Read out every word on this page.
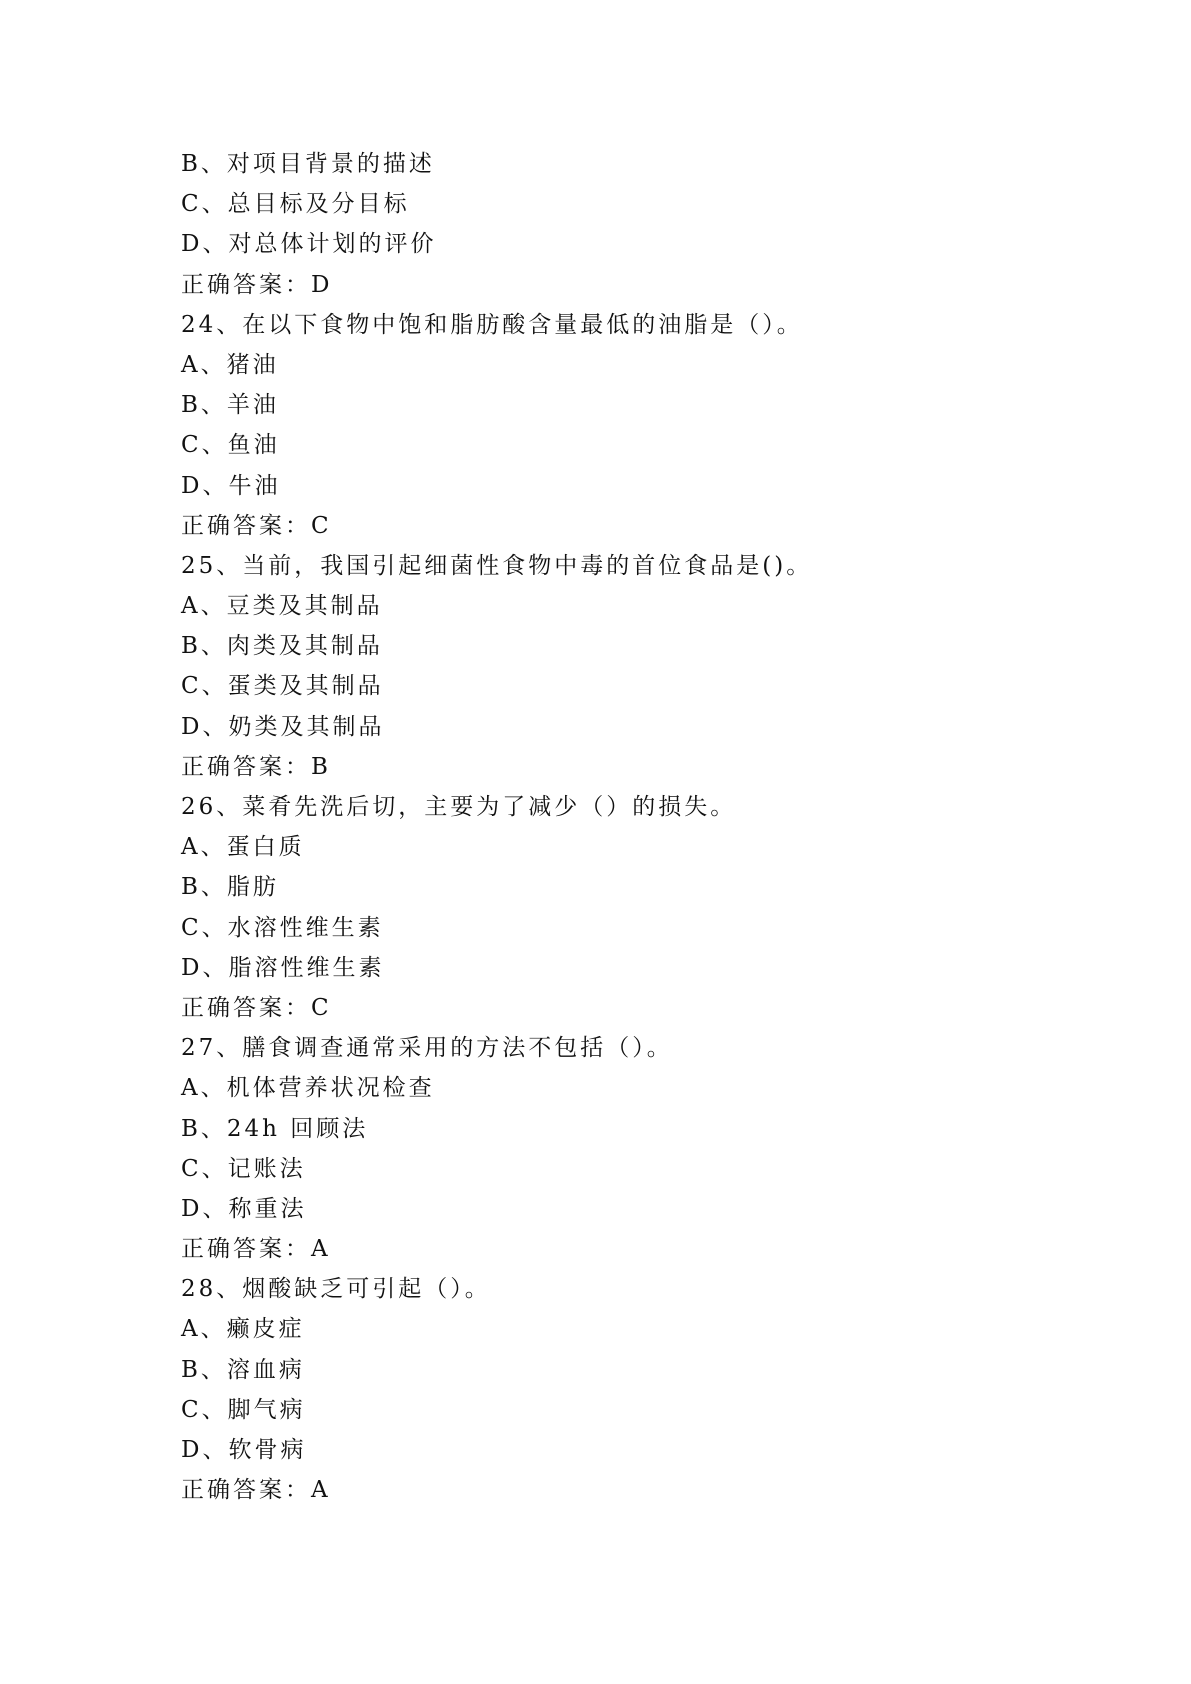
B、对项目背景的描述
C、总目标及分目标
D、对总体计划的评价
正确答案：D
24、在以下食物中饱和脂肪酸含量最低的油脂是（）。
A、猪油
B、羊油
C、鱼油
D、牛油
正确答案：C
25、当前，我国引起细菌性食物中毒的首位食品是()。
A、豆类及其制品
B、肉类及其制品
C、蛋类及其制品
D、奶类及其制品
正确答案：B
26、菜肴先洗后切，主要为了减少（）的损失。
A、蛋白质
B、脂肪
C、水溶性维生素
D、脂溶性维生素
正确答案：C
27、膳食调查通常采用的方法不包括（）。
A、机体营养状况检查
B、24h 回顾法
C、记账法
D、称重法
正确答案：A
28、烟酸缺乏可引起（）。
A、癞皮症
B、溶血病
C、脚气病
D、软骨病
正确答案：A
